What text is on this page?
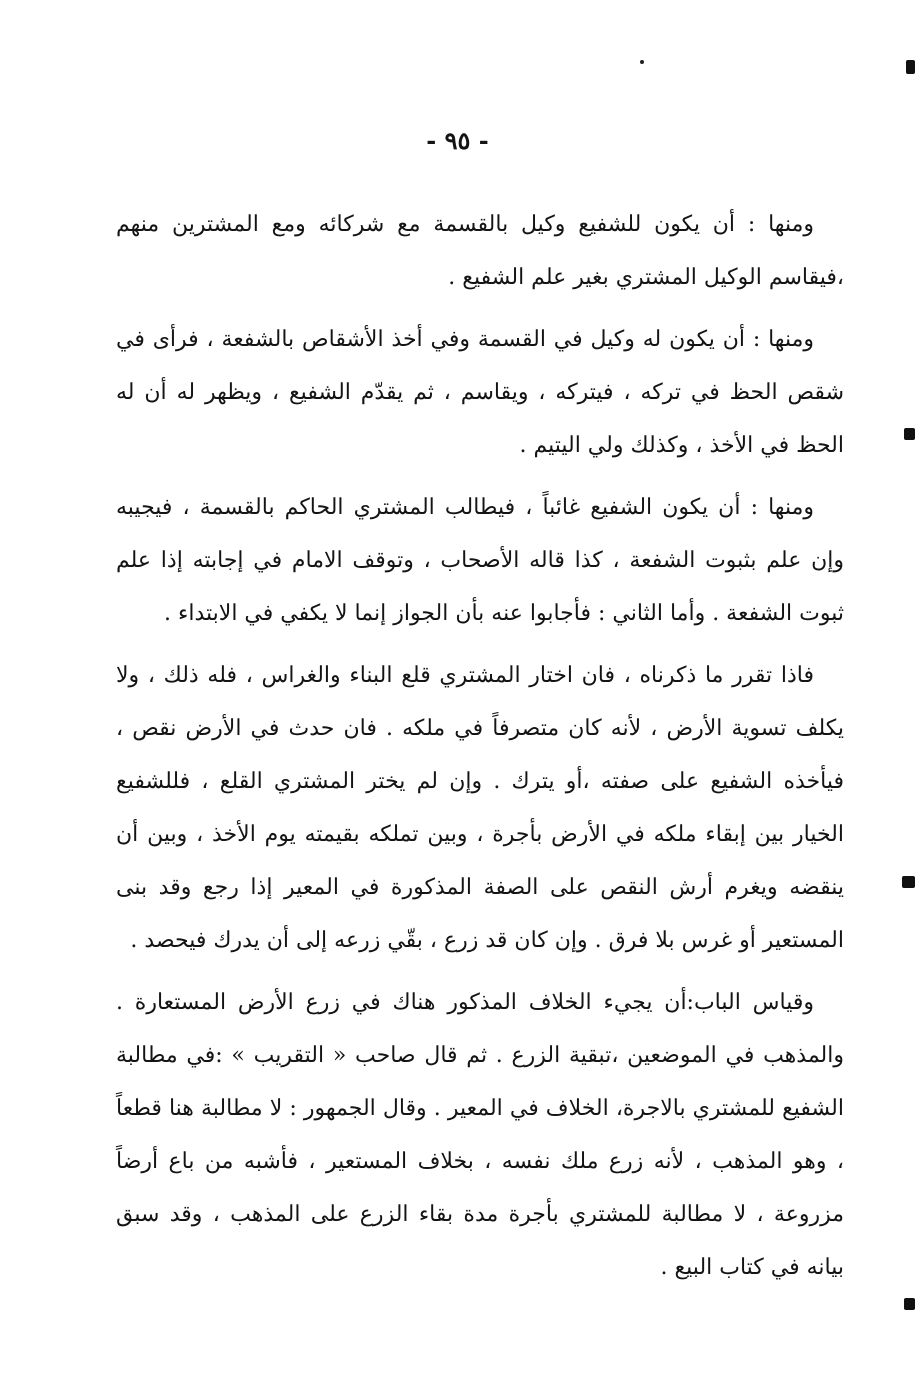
- ٩٥ -

ومنها : أن يكون للشفيع وكيل بالقسمة مع شركائه ومع المشترين منهم ،فيقاسم الوكيل المشتري بغير علم الشفيع .

ومنها : أن يكون له وكيل في القسمة وفي أخذ الأشقاص بالشفعة ، فرأى في شقص الحظ في تركه ، فيتركه ، ويقاسم ، ثم يقدّم الشفيع ، ويظهر له أن له الحظ في الأخذ ، وكذلك ولي اليتيم .

ومنها : أن يكون الشفيع غائباً ، فيطالب المشتري الحاكم بالقسمة ، فيجيبه وإن علم بثبوت الشفعة ، كذا قاله الأصحاب ، وتوقف الامام في إجابته إذا علم ثبوت الشفعة . وأما الثاني : فأجابوا عنه بأن الجواز إنما لا يكفي في الابتداء .

فاذا تقرر ما ذكرناه ، فان اختار المشتري قلع البناء والغراس ، فله ذلك ، ولا يكلف تسوية الأرض ، لأنه كان متصرفاً في ملكه . فان حدث في الأرض نقص ، فيأخذه الشفيع على صفته ،أو يترك . وإن لم يختر المشتري القلع ، فللشفيع الخيار بين إبقاء ملكه في الأرض بأجرة ، وبين تملكه بقيمته يوم الأخذ ، وبين أن ينقضه ويغرم أرش النقص على الصفة المذكورة في المعير إذا رجع وقد بنى المستعير أو غرس بلا فرق . وإن كان قد زرع ، بقّي زرعه إلى أن يدرك فيحصد .

وقياس الباب:أن يجيء الخلاف المذكور هناك في زرع الأرض المستعارة . والمذهب في الموضعين ،تبقية الزرع . ثم قال صاحب « التقريب » :في مطالبة الشفيع للمشتري بالاجرة، الخلاف في المعير . وقال الجمهور : لا مطالبة هنا قطعاً ، وهو المذهب ، لأنه زرع ملك نفسه ، بخلاف المستعير ، فأشبه من باع أرضاً مزروعة ، لا مطالبة للمشتري بأجرة مدة بقاء الزرع على المذهب ، وقد سبق بيانه في كتاب البيع .
